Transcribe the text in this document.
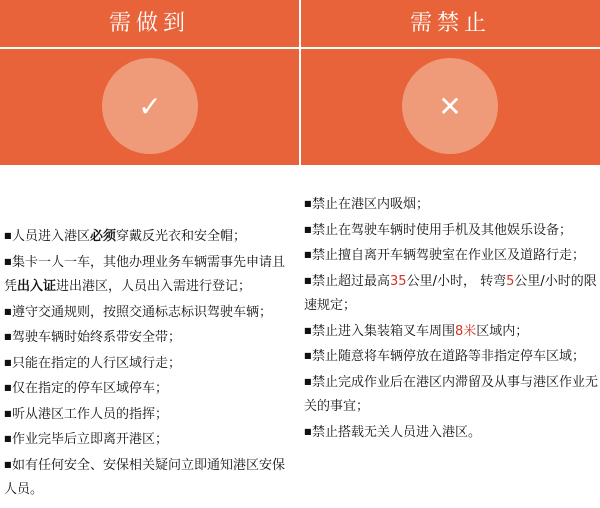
需做到	需禁止
✓	✕
■人员进入港区必须穿戴反光衣和安全帽；
■集卡一人一车，其他办理业务车辆需事先申请且凭出入证进出港区，人员出入需进行登记；
■遵守交通规则，按照交通标志标识驾驶车辆；
■驾驶车辆时始终系带安全带；
■只能在指定的人行区域行走；
■仅在指定的停车区域停车；
■听从港区工作人员的指挥；
■作业完毕后立即离开港区；
■如有任何安全、安保相关疑问立即通知港区安保人员。
■禁止在港区内吸烟；
■禁止在驾驶车辆时使用手机及其他娱乐设备；
■禁止擅自离开车辆驾驶室在作业区及道路行走；
■禁止超过最高35公里/小时， 转弯5公里/小时的限速规定；
■禁止进入集装箱叉车周围8米区域内；
■禁止随意将车辆停放在道路等非指定停车区域；
■禁止完成作业后在港区内滞留及从事与港区作业无关的事宜；
■禁止搭载无关人员进入港区。
